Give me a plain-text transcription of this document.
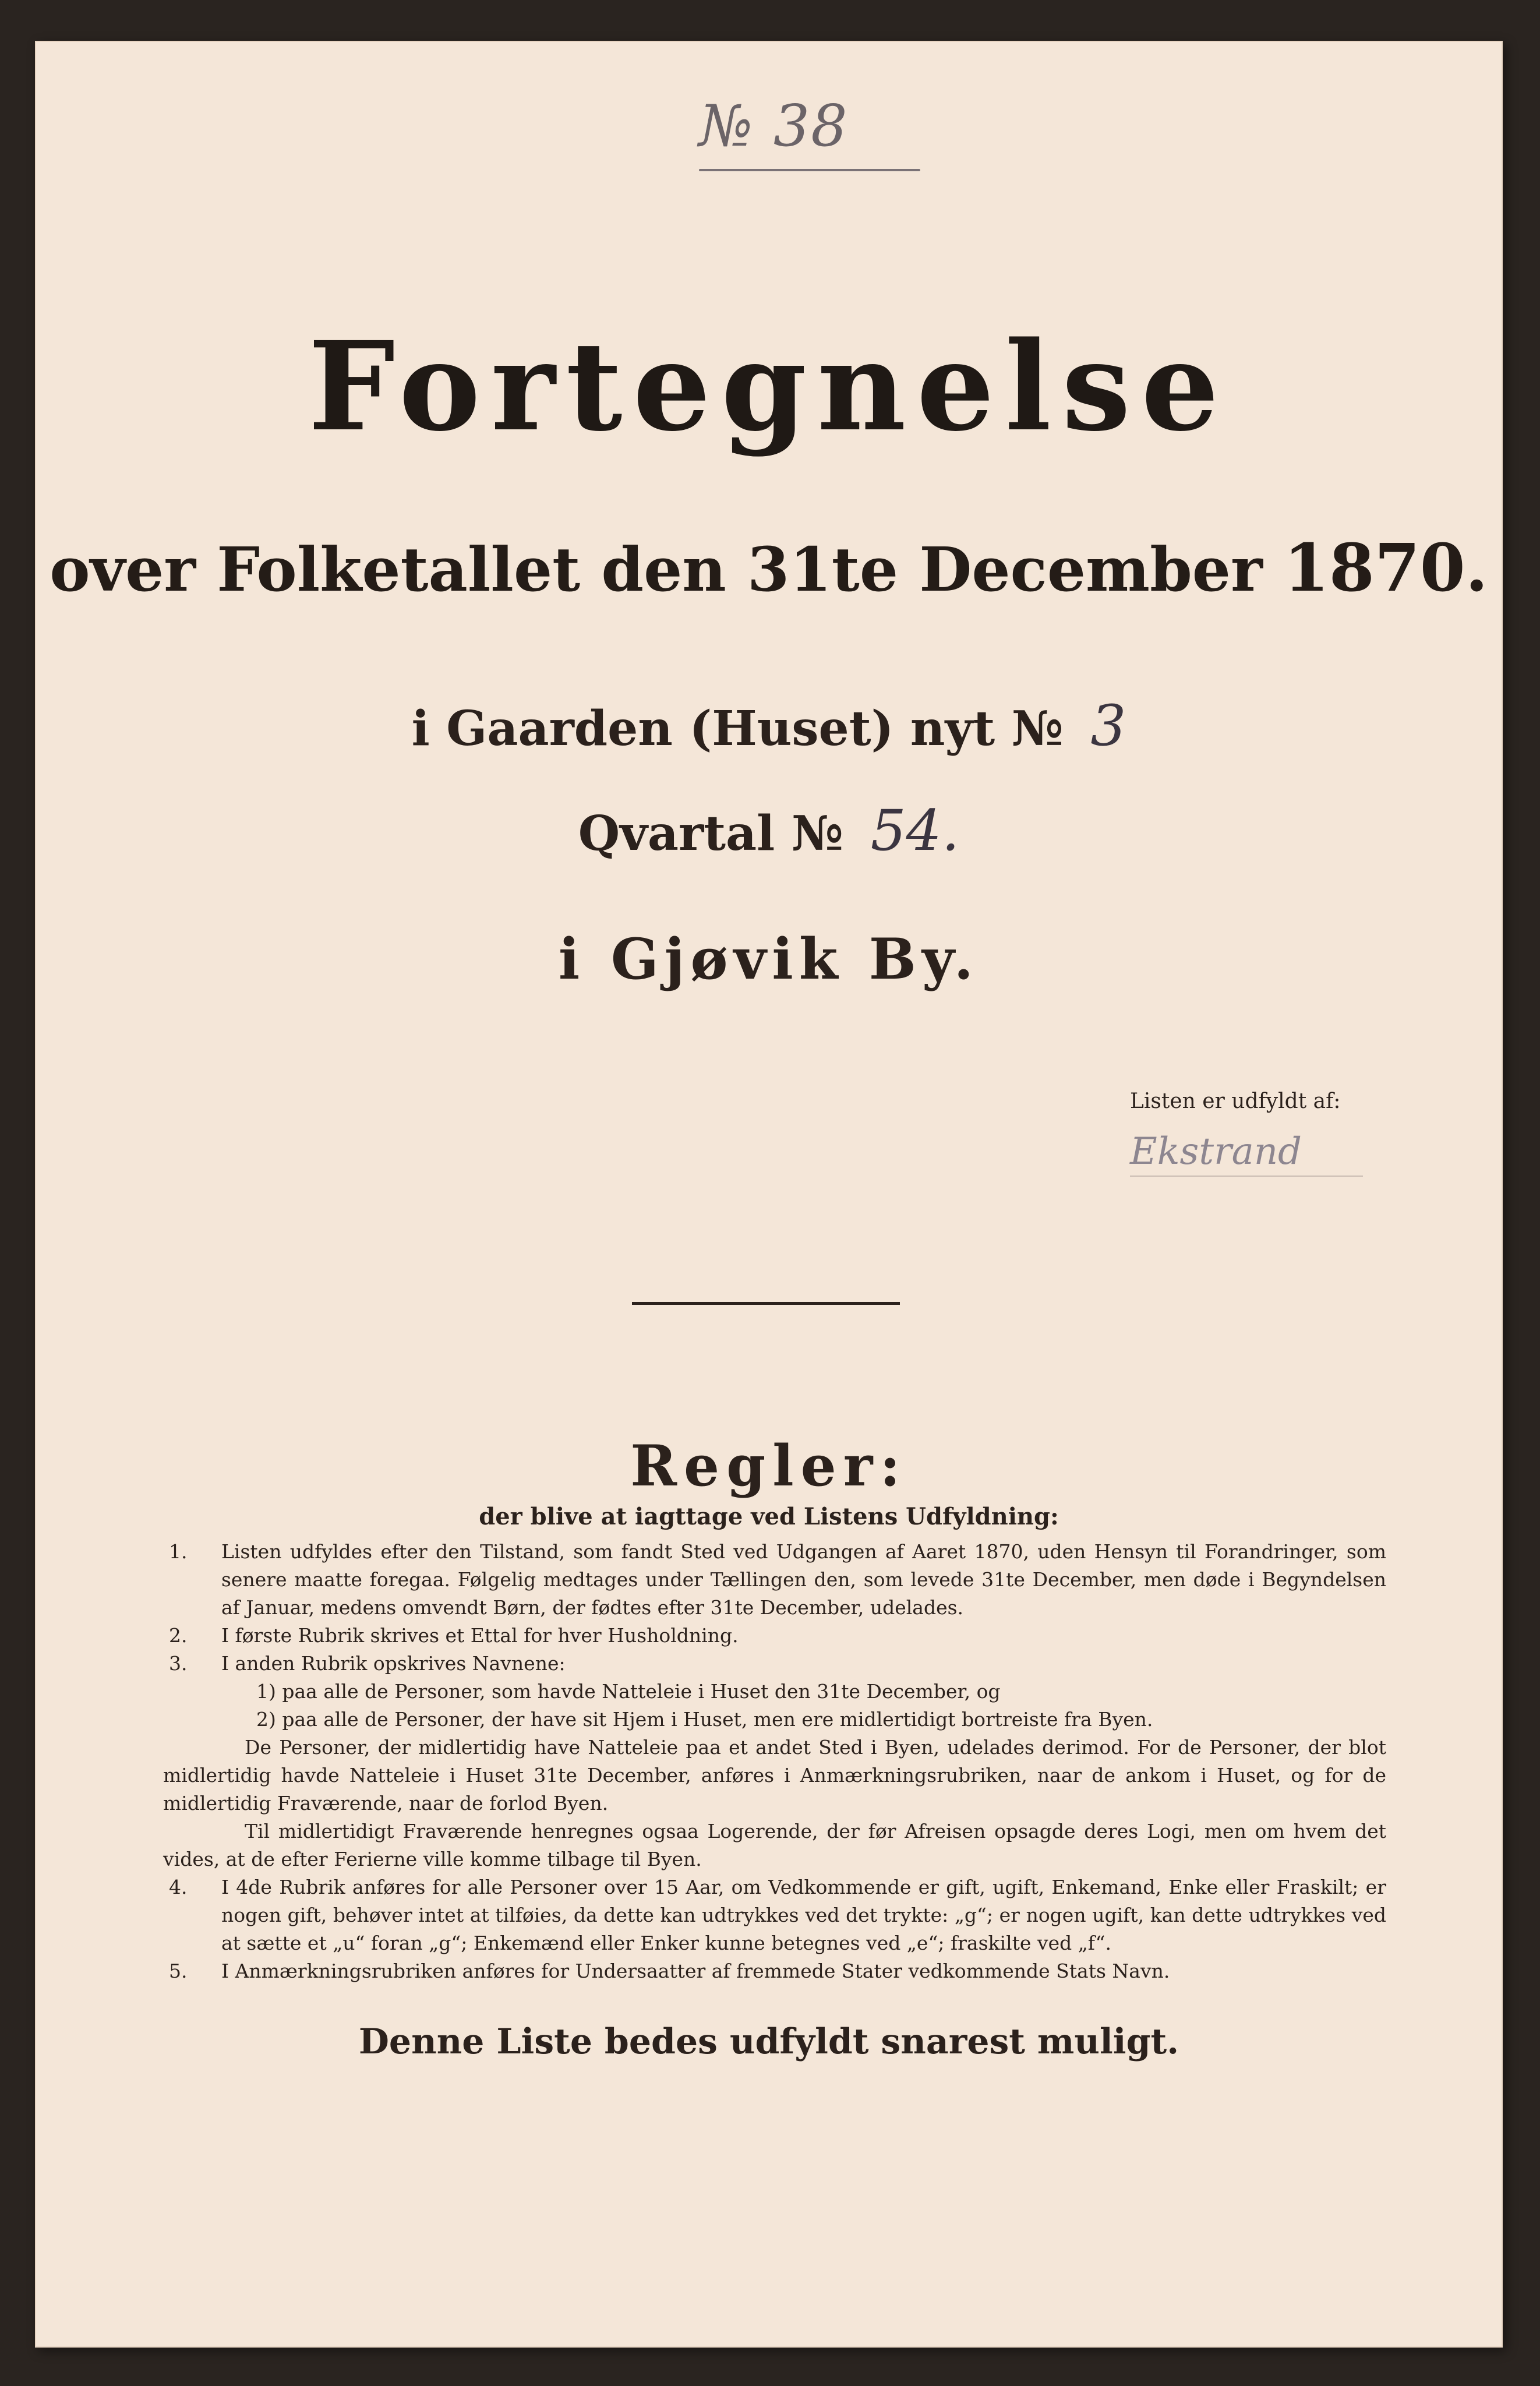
№ 38
Fortegnelse
over Folketallet den 31te December 1870.
i Gaarden (Huset) nyt № 3
Qvartal № 54.
i Gjøvik By.
Listen er udfyldt af:
Ekstrand
Regler:
der blive at iagttage ved Listens Udfyldning:
1. Listen udfyldes efter den Tilstand, som fandt Sted ved Udgangen af Aaret 1870, uden Hensyn til Forandringer, som senere maatte foregaa. Følgelig medtages under Tællingen den, som levede 31te December, men døde i Begyndelsen af Januar, medens omvendt Børn, der fødtes efter 31te December, udelades.
2. I første Rubrik skrives et Ettal for hver Husholdning.
3. I anden Rubrik opskrives Navnene:
1) paa alle de Personer, som havde Natteleie i Huset den 31te December, og
2) paa alle de Personer, der have sit Hjem i Huset, men ere midlertidigt bortreiste fra Byen.
De Personer, der midlertidig have Natteleie paa et andet Sted i Byen, udelades derimod. For de Personer, der blot midlertidig havde Natteleie i Huset 31te December, anføres i Anmærkningsrubriken, naar de ankom i Huset, og for de midlertidig Fraværende, naar de forlod Byen.
Til midlertidigt Fraværende henregnes ogsaa Logerende, der før Afreisen opsagde deres Logi, men om hvem det vides, at de efter Ferierne ville komme tilbage til Byen.
4. I 4de Rubrik anføres for alle Personer over 15 Aar, om Vedkommende er gift, ugift, Enkemand, Enke eller Fraskilt; er nogen gift, behøver intet at tilføies, da dette kan udtrykkes ved det trykte: „g“; er nogen ugift, kan dette udtrykkes ved at sætte et „u“ foran „g“; Enkemænd eller Enker kunne betegnes ved „e“; fraskilte ved „f“.
5. I Anmærkningsrubriken anføres for Undersaatter af fremmede Stater vedkommende Stats Navn.
Denne Liste bedes udfyldt snarest muligt.
